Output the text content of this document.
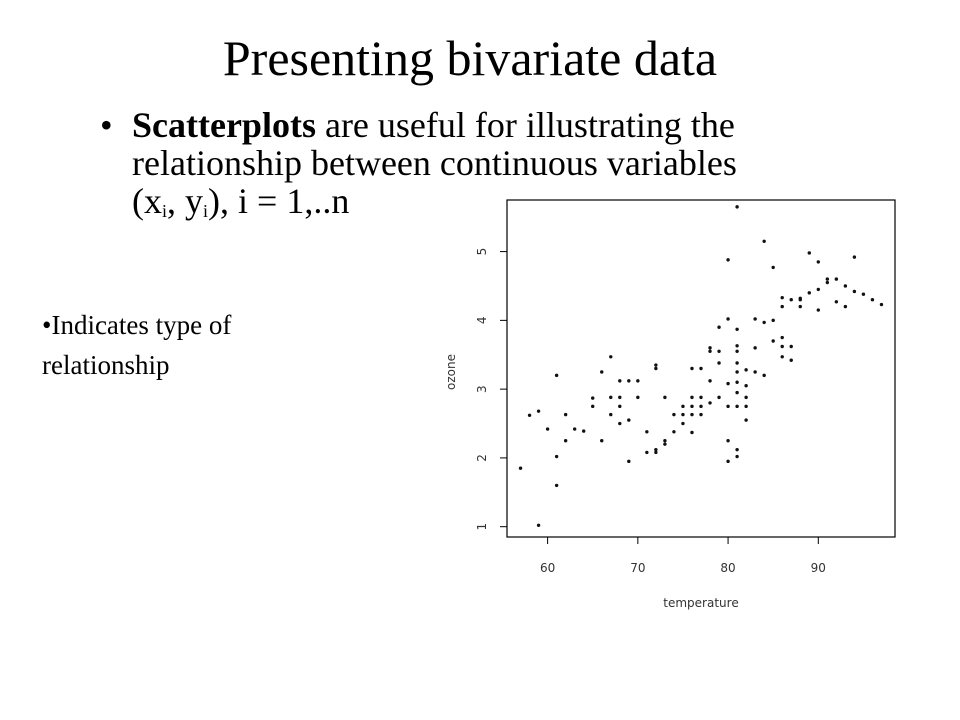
Presenting bivariate data
• Scatterplots are useful for illustrating the relationship between continuous variables
($x_i$, $y_i$), i = 1,..n
•Indicates type of relationship
60	70	80	90
1
2
3
4
5
temperature
ozone
